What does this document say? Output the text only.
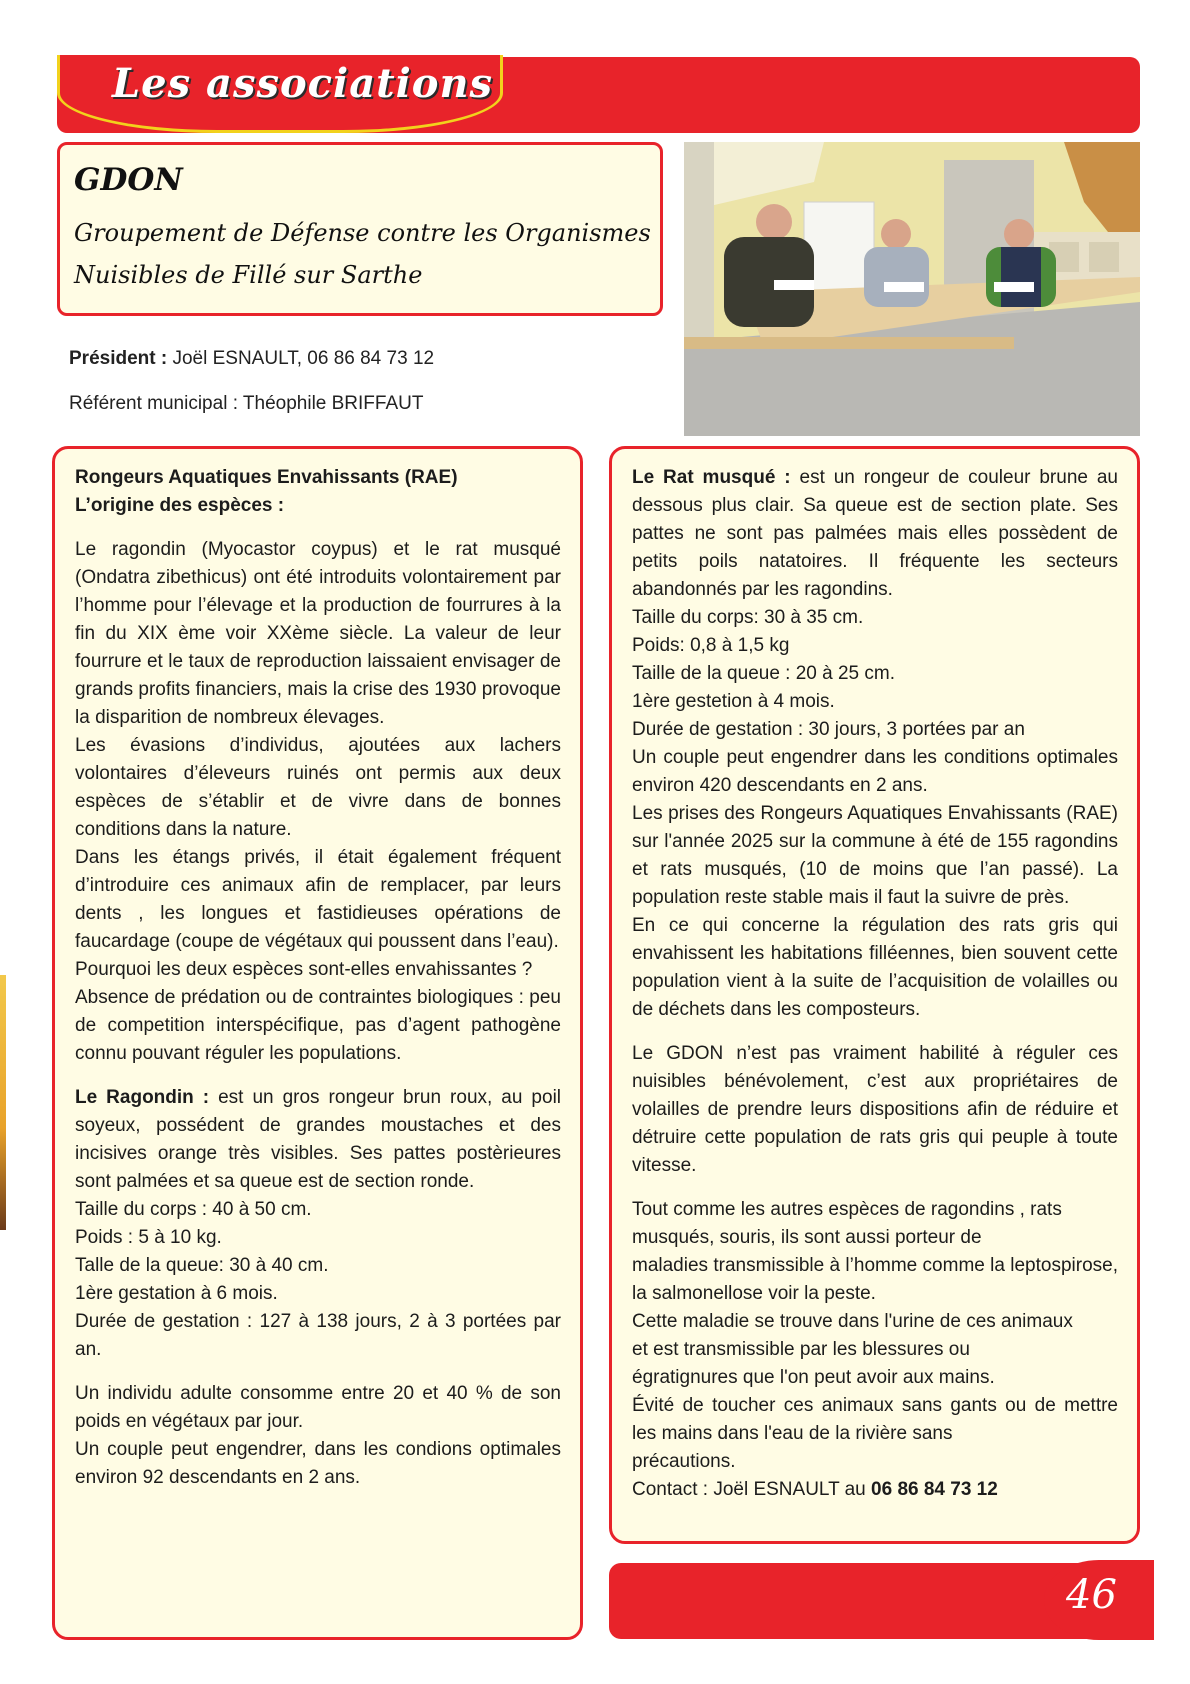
Les associations
GDON
Groupement de Défense contre les Organismes
Nuisibles de Fillé sur Sarthe
Président : Joël ESNAULT, 06 86 84 73 12
Référent municipal : Théophile BRIFFAUT

Rongeurs Aquatiques Envahissants (RAE)

L’origine des espèces :

Le ragondin (Myocastor coypus) et le rat musqué (Ondatra zibethicus) ont été introduits volontairement par l’homme pour l’élevage et la production de fourrures à la fin du XIX ème voir XXème siècle. La valeur de leur fourrure et le taux de reproduction laissaient envisager de grands profits financiers, mais la crise des 1930 provoque la disparition de nombreux élevages.

Les évasions d’individus, ajoutées aux lachers volontaires d’éleveurs ruinés ont permis aux deux espèces de s’établir et de vivre dans de bonnes conditions dans la nature.

Dans les étangs privés, il était également fréquent d’introduire ces animaux afin de remplacer, par leurs dents , les longues et fastidieuses opérations de faucardage (coupe de végétaux qui poussent dans l’eau).

Pourquoi les deux espèces sont-elles envahissantes ?

Absence de prédation ou de contraintes biologiques : peu de competition interspécifique, pas d’agent pathogène connu pouvant réguler les populations.

Le Ragondin : est un gros rongeur brun roux, au poil soyeux, possédent de grandes moustaches et des incisives orange très visibles. Ses pattes postèrieures sont palmées et sa queue est de section ronde.

Taille du corps : 40 à 50 cm.

Poids : 5 à 10 kg.

Talle de la queue: 30 à 40 cm.

1ère gestation à 6 mois.

Durée de gestation : 127 à 138 jours, 2 à 3 portées par an.

Un individu adulte consomme entre 20 et 40 % de son poids en végétaux par jour.

Un couple peut engendrer, dans les condions optimales environ 92 descendants en 2 ans.

Le Rat musqué : est un rongeur de couleur brune au dessous plus clair. Sa queue est de section plate. Ses pattes ne sont pas palmées mais elles possèdent de petits poils natatoires. Il fréquente les secteurs abandonnés par les ragondins.

Taille du corps: 30 à 35 cm.

Poids: 0,8 à 1,5 kg

Taille de la queue : 20 à 25 cm.

1ère gestetion à 4 mois.

Durée de gestation : 30 jours, 3 portées par an

Un couple peut engendrer dans les conditions optimales environ 420 descendants en 2 ans.

Les prises des Rongeurs Aquatiques Envahissants (RAE) sur l'année 2025 sur la commune à été de 155 ragondins et rats musqués, (10 de moins que l’an passé). La population reste stable mais il faut la suivre de près.

En ce qui concerne la régulation des rats gris qui envahissent les habitations filléennes, bien souvent cette population vient à la suite de l’acquisition de volailles ou de déchets dans les composteurs.

Le GDON n’est pas vraiment habilité à réguler ces nuisibles bénévolement, c’est aux propriétaires de volailles de prendre leurs dispositions afin de réduire et détruire cette population de rats gris qui peuple à toute vitesse.

Tout comme les autres espèces de ragondins , rats

musqués, souris, ils sont aussi porteur de

maladies transmissible à l’homme comme la leptospirose, la salmonellose voir la peste.

Cette maladie se trouve dans l'urine de ces animaux

et est transmissible par les blessures ou

égratignures que l'on peut avoir aux mains.

Évité de toucher ces animaux sans gants ou de mettre les mains dans l'eau de la rivière sans

précautions.

Contact : Joël ESNAULT au 06 86 84 73 12

46
